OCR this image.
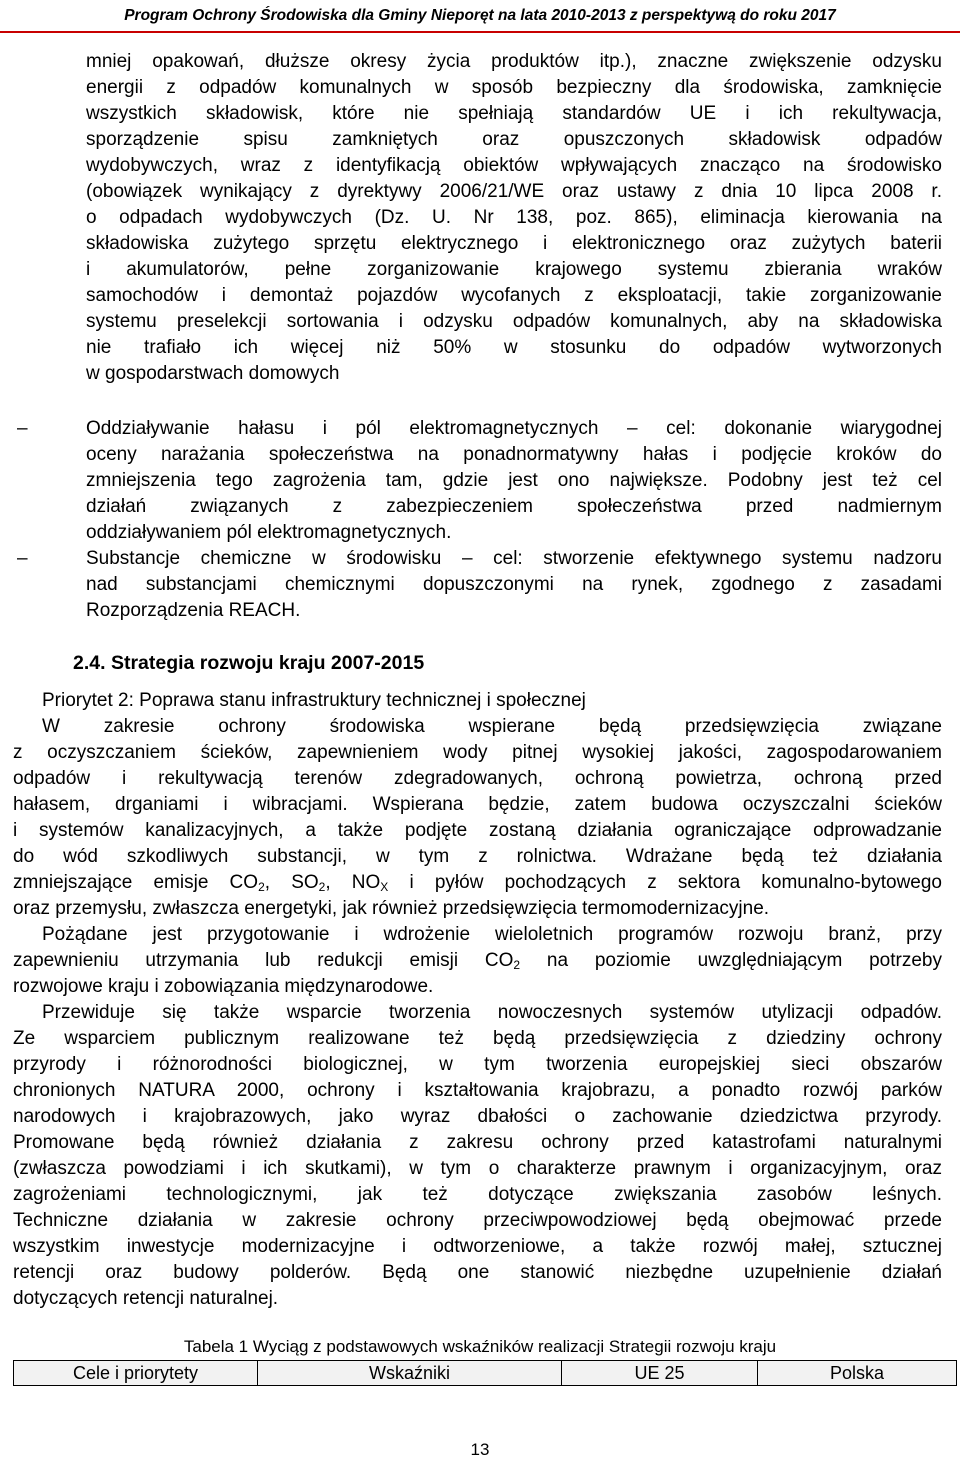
Program Ochrony Środowiska dla Gminy Nieporęt na lata 2010-2013 z perspektywą do roku 2017
mniej opakowań, dłuższe okresy życia produktów itp.), znaczne zwiększenie odzysku
energii z odpadów komunalnych w sposób bezpieczny dla środowiska, zamknięcie
wszystkich składowisk, które nie spełniają standardów UE i ich rekultywacja,
sporządzenie spisu zamkniętych oraz opuszczonych składowisk odpadów
wydobywczych, wraz z identyfikacją obiektów wpływających znacząco na środowisko
(obowiązek wynikający z dyrektywy 2006/21/WE oraz ustawy z dnia 10 lipca 2008 r.
o odpadach wydobywczych (Dz. U. Nr 138, poz. 865), eliminacja kierowania na
składowiska zużytego sprzętu elektrycznego i elektronicznego oraz zużytych baterii
i akumulatorów, pełne zorganizowanie krajowego systemu zbierania wraków
samochodów i demontaż pojazdów wycofanych z eksploatacji, takie zorganizowanie
systemu preselekcji sortowania i odzysku odpadów komunalnych, aby na składowiska
nie trafiało ich więcej niż 50% w stosunku do odpadów wytworzonych
w gospodarstwach domowych
–	Oddziaływanie hałasu i pól elektromagnetycznych – cel: dokonanie wiarygodnej
oceny narażania społeczeństwa na ponadnormatywny hałas i podjęcie kroków do
zmniejszenia tego zagrożenia tam, gdzie jest ono największe. Podobny jest też cel
działań związanych z zabezpieczeniem społeczeństwa przed nadmiernym
oddziaływaniem pól elektromagnetycznych.
–	Substancje chemiczne w środowisku – cel: stworzenie efektywnego systemu nadzoru
nad substancjami chemicznymi dopuszczonymi na rynek, zgodnego z zasadami
Rozporządzenia REACH.
2.4. Strategia rozwoju kraju 2007-2015
Priorytet 2: Poprawa stanu infrastruktury technicznej i społecznej
W zakresie ochrony środowiska wspierane będą przedsięwzięcia związane
z oczyszczaniem ścieków, zapewnieniem wody pitnej wysokiej jakości, zagospodarowaniem
odpadów i rekultywacją terenów zdegradowanych, ochroną powietrza, ochroną przed
hałasem, drganiami i wibracjami. Wspierana będzie, zatem budowa oczyszczalni ścieków
i systemów kanalizacyjnych, a także podjęte zostaną działania ograniczające odprowadzanie
do wód szkodliwych substancji, w tym z rolnictwa. Wdrażane będą też działania
zmniejszające emisje $CO_2$, $SO_2$, $NO_X$ i pyłów pochodzących z sektora komunalno-bytowego
oraz przemysłu, zwłaszcza energetyki, jak również przedsięwzięcia termomodernizacyjne.
Pożądane jest przygotowanie i wdrożenie wieloletnich programów rozwoju branż, przy
zapewnieniu utrzymania lub redukcji emisji $CO_2$ na poziomie uwzględniającym potrzeby
rozwojowe kraju i zobowiązania międzynarodowe.
Przewiduje się także wsparcie tworzenia nowoczesnych systemów utylizacji odpadów.
Ze wsparciem publicznym realizowane też będą przedsięwzięcia z dziedziny ochrony
przyrody i różnorodności biologicznej, w tym tworzenia europejskiej sieci obszarów
chronionych NATURA 2000, ochrony i kształtowania krajobrazu, a ponadto rozwój parków
narodowych i krajobrazowych, jako wyraz dbałości o zachowanie dziedzictwa przyrody.
Promowane będą również działania z zakresu ochrony przed katastrofami naturalnymi
(zwłaszcza powodziami i ich skutkami), w tym o charakterze prawnym i organizacyjnym, oraz
zagrożeniami technologicznymi, jak też dotyczące zwiększania zasobów leśnych.
Techniczne działania w zakresie ochrony przeciwpowodziowej będą obejmować przede
wszystkim inwestycje modernizacyjne i odtworzeniowe, a także rozwój małej, sztucznej
retencji oraz budowy polderów. Będą one stanowić niezbędne uzupełnienie działań
dotyczących retencji naturalnej.
Tabela 1 Wyciąg z podstawowych wskaźników realizacji Strategii rozwoju kraju
Cele i priorytety	Wskaźniki	UE 25	Polska
13
